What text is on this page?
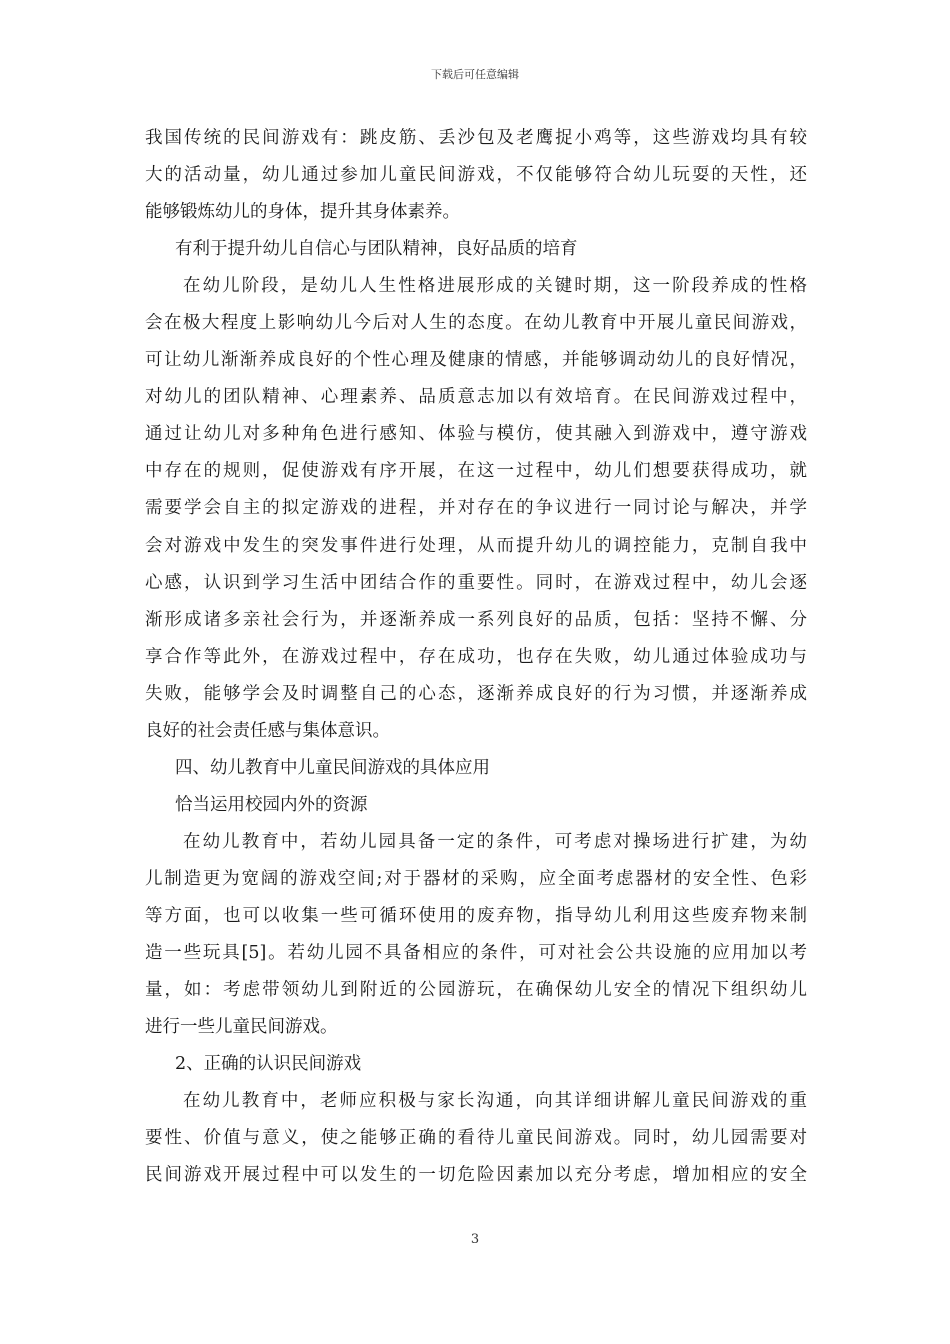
下载后可任意编辑
我国传统的民间游戏有：跳皮筋、丢沙包及老鹰捉小鸡等，这些游戏均具有较
大的活动量，幼儿通过参加儿童民间游戏，不仅能够符合幼儿玩耍的天性，还
能够锻炼幼儿的身体，提升其身体素养。
有利于提升幼儿自信心与团队精神，良好品质的培育
在幼儿阶段，是幼儿人生性格进展形成的关键时期，这一阶段养成的性格
会在极大程度上影响幼儿今后对人生的态度。在幼儿教育中开展儿童民间游戏，
可让幼儿渐渐养成良好的个性心理及健康的情感，并能够调动幼儿的良好情况，
对幼儿的团队精神、心理素养、品质意志加以有效培育。在民间游戏过程中，
通过让幼儿对多种角色进行感知、体验与模仿，使其融入到游戏中，遵守游戏
中存在的规则，促使游戏有序开展，在这一过程中，幼儿们想要获得成功，就
需要学会自主的拟定游戏的进程，并对存在的争议进行一同讨论与解决，并学
会对游戏中发生的突发事件进行处理，从而提升幼儿的调控能力，克制自我中
心感，认识到学习生活中团结合作的重要性。同时，在游戏过程中，幼儿会逐
渐形成诸多亲社会行为，并逐渐养成一系列良好的品质，包括：坚持不懈、分
享合作等此外，在游戏过程中，存在成功，也存在失败，幼儿通过体验成功与
失败，能够学会及时调整自己的心态，逐渐养成良好的行为习惯，并逐渐养成
良好的社会责任感与集体意识。
四、幼儿教育中儿童民间游戏的具体应用
恰当运用校园内外的资源
在幼儿教育中，若幼儿园具备一定的条件，可考虑对操场进行扩建，为幼
儿制造更为宽阔的游戏空间;对于器材的采购，应全面考虑器材的安全性、色彩
等方面，也可以收集一些可循环使用的废弃物，指导幼儿利用这些废弃物来制
造一些玩具[5]。若幼儿园不具备相应的条件，可对社会公共设施的应用加以考
量，如：考虑带领幼儿到附近的公园游玩，在确保幼儿安全的情况下组织幼儿
进行一些儿童民间游戏。
2、正确的认识民间游戏
在幼儿教育中，老师应积极与家长沟通，向其详细讲解儿童民间游戏的重
要性、价值与意义，使之能够正确的看待儿童民间游戏。同时，幼儿园需要对
民间游戏开展过程中可以发生的一切危险因素加以充分考虑，增加相应的安全
3
